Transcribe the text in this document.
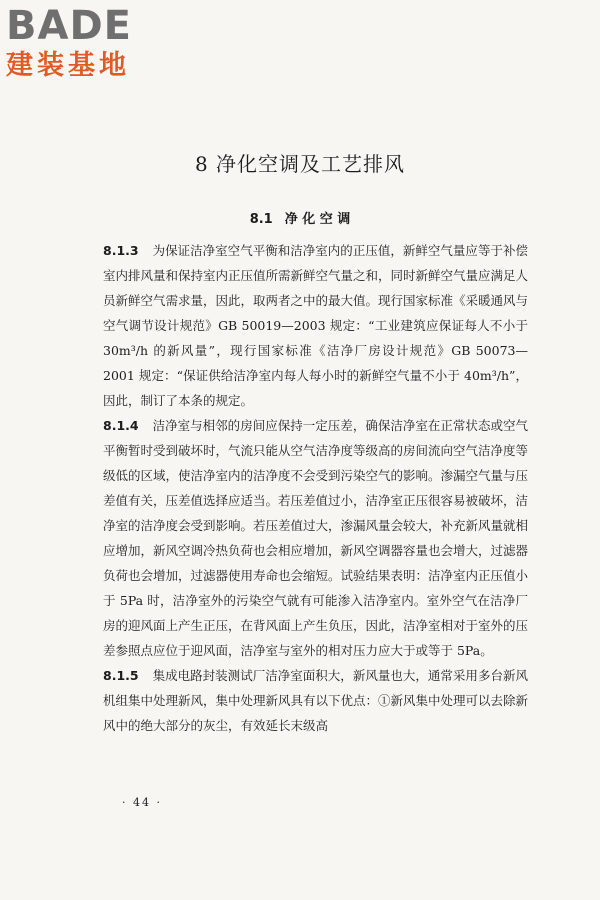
BADE
建装基地
8 净化空调及工艺排风
8.1 净 化 空 调

8.1.3 为保证洁净室空气平衡和洁净室内的正压值，新鲜空气量应等于补偿室内排风量和保持室内正压值所需新鲜空气量之和，同时新鲜空气量应满足人员新鲜空气需求量，因此，取两者之中的最大值。现行国家标准《采暖通风与空气调节设计规范》GB 50019—2003 规定：“工业建筑应保证每人不小于 30m³/h 的新风量”，现行国家标准《洁净厂房设计规范》GB 50073—2001 规定：“保证供给洁净室内每人每小时的新鲜空气量不小于 40m³/h”，因此，制订了本条的规定。

8.1.4 洁净室与相邻的房间应保持一定压差，确保洁净室在正常状态或空气平衡暂时受到破坏时，气流只能从空气洁净度等级高的房间流向空气洁净度等级低的区域，使洁净室内的洁净度不会受到污染空气的影响。渗漏空气量与压差值有关，压差值选择应适当。若压差值过小，洁净室正压很容易被破坏，洁净室的洁净度会受到影响。若压差值过大，渗漏风量会较大，补充新风量就相应增加，新风空调冷热负荷也会相应增加，新风空调器容量也会增大，过滤器负荷也会增加，过滤器使用寿命也会缩短。试验结果表明：洁净室内正压值小于 5Pa 时，洁净室外的污染空气就有可能渗入洁净室内。室外空气在洁净厂房的迎风面上产生正压，在背风面上产生负压，因此，洁净室相对于室外的压差参照点应位于迎风面，洁净室与室外的相对压力应大于或等于 5Pa。

8.1.5 集成电路封装测试厂洁净室面积大，新风量也大，通常采用多台新风机组集中处理新风，集中处理新风具有以下优点：①新风集中处理可以去除新风中的绝大部分的灰尘，有效延长末级高

· 44 ·
